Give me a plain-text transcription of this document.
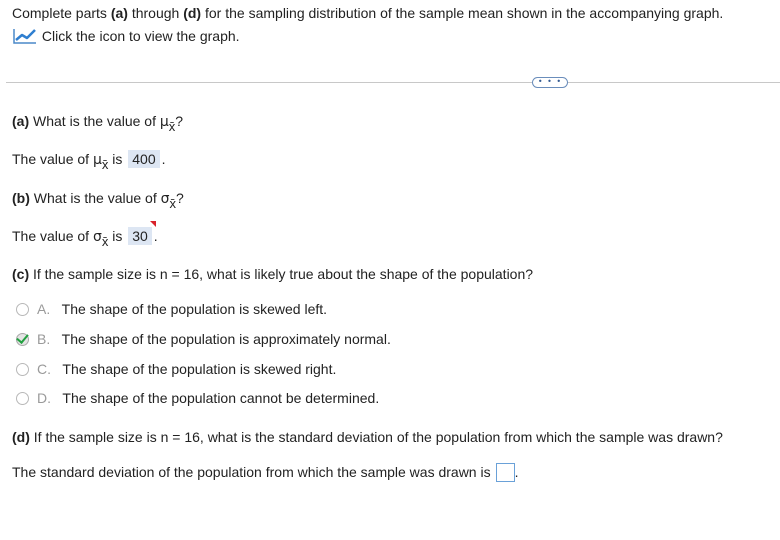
Complete parts (a) through (d) for the sampling distribution of the sample mean shown in the accompanying graph.
Click the icon to view the graph.
• • •
(a) What is the value of μx̄?
The value of μx̄ is 400 .
(b) What is the value of σx̄?
The value of σx̄ is 30 .
(c) If the sample size is n = 16, what is likely true about the shape of the population?
A. The shape of the population is skewed left.
B. The shape of the population is approximately normal.
C. The shape of the population is skewed right.
D. The shape of the population cannot be determined.
(d) If the sample size is n = 16, what is the standard deviation of the population from which the sample was drawn?
The standard deviation of the population from which the sample was drawn is .
